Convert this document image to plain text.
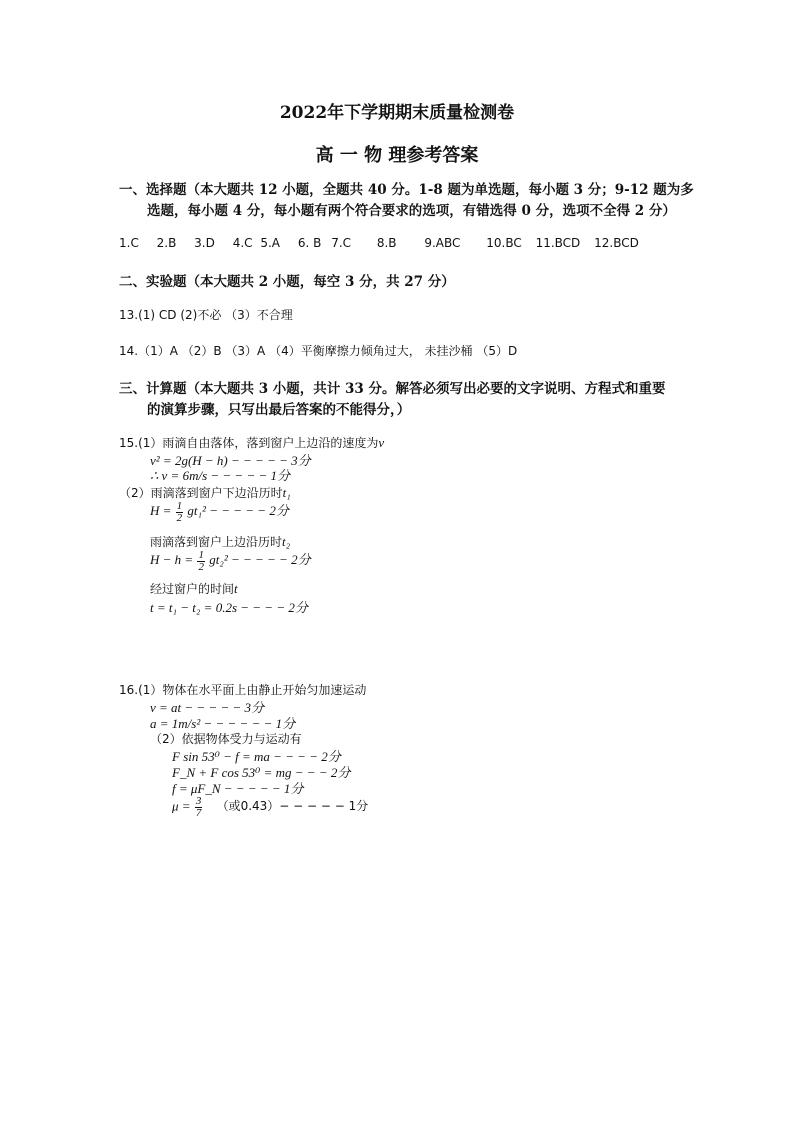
2022年下学期期末质量检测卷
高 一 物 理参考答案
一、选择题（本大题共 12 小题，全题共 40 分。1-8 题为单选题，每小题 3 分；9-12 题为多
选题，每小题 4 分，每小题有两个符合要求的选项，有错选得 0 分，选项不全得 2 分）
1.C 2.B 3.D 4.C 5.A 6. B 7.C 8.B 9.ABC 10.BC 11.BCD 12.BCD
二、实验题（本大题共 2 小题，每空 3 分，共 27 分）
13.(1) CD (2)不必 （3）不合理
14.（1）A （2）B （3）A （4）平衡摩擦力倾角过大， 未挂沙桶 （5）D
三、计算题（本大题共 3 小题，共计 33 分。解答必须写出必要的文字说明、方程式和重要
的演算步骤，只写出最后答案的不能得分，）
15.(1）雨滴自由落体，落到窗户上边沿的速度为v
v² = 2g(H − h) − − − − − 3分
∴ v = 6m/s − − − − − 1分
（2）雨滴落到窗户下边沿历时t₁
$H = \frac{1}{2} gt_1^2$ − − − − − 2分
雨滴落到窗户上边沿历时t₂
$H - h = \frac{1}{2} gt_2^2$ − − − − − 2分
经过窗户的时间t
t = t₁ − t₂ = 0.2s − − − − 2分
16.(1）物体在水平面上由静止开始匀加速运动
v = at − − − − − 3分
a = 1m/s² − − − − − − 1分
（2）依据物体受力与运动有
F sin 53⁰ − f = ma − − − − 2分
F_N + F cos 53⁰ = mg − − − 2分
f = μF_N − − − − − 1分
$\mu = \frac{3}{7}$ （或0.43）− − − − − 1分
